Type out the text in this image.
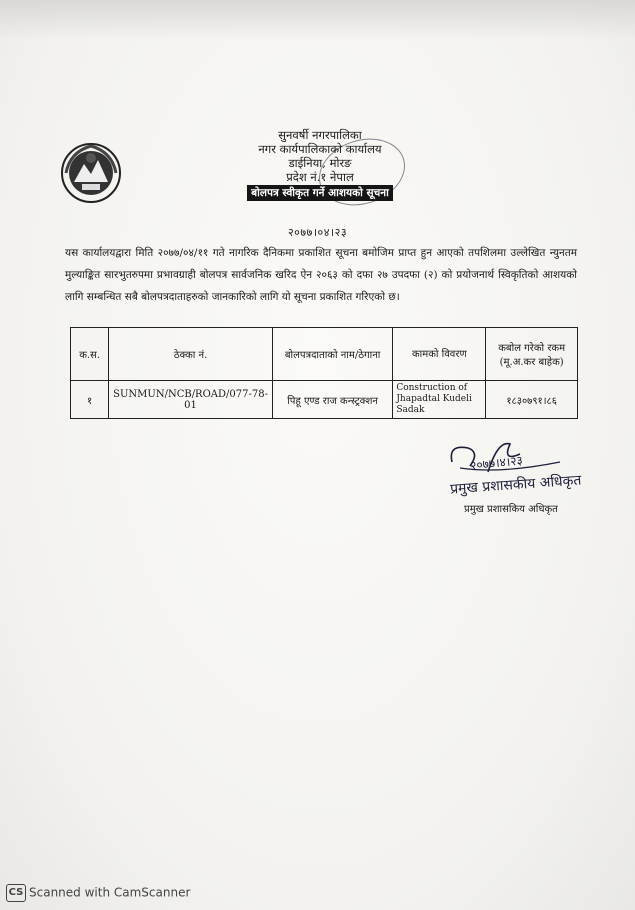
सुनवर्षी नगरपालिका
नगर कार्यपालिकाको कार्यालय
डाईनिया, मोरङ
प्रदेश नं.१ नेपाल
बोलपत्र स्वीकृत गर्ने आशयको सूचना
२०७७।०४।२३
यस कार्यालयद्वारा मिति २०७७/०४/११ गते नागरिक दैनिकमा प्रकाशित सूचना बमोजिम प्राप्त हुन आएको तपशिलमा उल्लेखित न्युनतम मुल्याङ्कित सारभुतरुपमा प्रभावग्राही बोलपत्र सार्वजनिक खरिद ऐन २०६३ को दफा २७ उपदफा (२) को प्रयोजनार्थ स्विकृतिको आशयको लागि सम्बन्धित सबै बोलपत्रदाताहरुको जानकारिको लागि यो सूचना प्रकाशित गरिएको छ।
क.स.	ठेक्का नं.	बोलपत्रदाताको नाम/ठेगाना	कामको विवरण	कबोल गरेको रकम (मू.अ.कर बाहेक)
१	SUNMUN/NCB/ROAD/077-78-01	पिहू एण्ड राज कन्स्ट्रक्शन	Construction of Jhapadtal Kudeli Sadak	१८३०७९१।८६
२०७७।४।२३
प्रमुख प्रशासकीय अधिकृत
प्रमुख प्रशासकिय अधिकृत
CS Scanned with CamScanner
